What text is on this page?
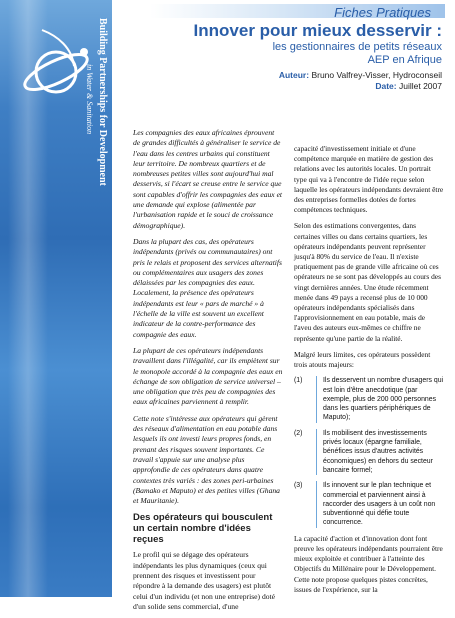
Building Partnerships for Development
in Water & Sanitation
Fiches Pratiques
Innover pour mieux desservir :
les gestionnaires de petits réseaux
AEP en Afrique
Auteur: Bruno Valfrey-Visser, Hydroconseil
Date: Juillet 2007

Les compagnies des eaux africaines éprouvent de grandes difficultés à généraliser le service de l'eau dans les centres urbains qui constituent leur territoire. De nombreux quartiers et de nombreuses petites villes sont aujourd'hui mal desservis, si l'écart se creuse entre le service que sont capables d'offrir les compagnies des eaux et une demande qui explose (alimentée par l'urbanisation rapide et le souci de croissance démographique).

Dans la plupart des cas, des opérateurs indépendants (privés ou communautaires) ont pris le relais et proposent des services alternatifs ou complémentaires aux usagers des zones délaissées par les compagnies des eaux. Localement, la présence des opérateurs indépendants est leur « pars de marché » à l'échelle de la ville est souvent un excellent indicateur de la contre-performance des compagnie des eaux.

La plupart de ces opérateurs indépendants travaillent dans l'illégalité, car ils empiètent sur le monopole accordé à la compagnie des eaux en échange de son obligation de service universel – une obligation que très peu de compagnies des eaux africaines parviennent à remplir.

Cette note s'intéresse aux opérateurs qui gèrent des réseaux d'alimentation en eau potable dans lesquels ils ont investi leurs propres fonds, en prenant des risques souvent importants. Ce travail s'appuie sur une analyse plus approfondie de ces opérateurs dans quatre contextes très variés : des zones peri-urbaines (Bamako et Maputo) et des petites villes (Ghana et Mauritanie).

Des opérateurs qui bousculent un certain nombre d'idées reçues

Le profil qui se dégage des opérateurs indépendants les plus dynamiques (ceux qui prennent des risques et investissent pour répondre à la demande des usagers) est plutôt celui d'un individu (et non une entreprise) doté d'un solide sens commercial, d'une

capacité d'investissement initiale et d'une compétence marquée en matière de gestion des relations avec les autorités locales. Un portrait type qui va à l'encontre de l'idée reçue selon laquelle les opérateurs indépendants devraient être des entreprises formelles dotées de fortes compétences techniques.

Selon des estimations convergentes, dans certaines villes ou dans certains quartiers, les opérateurs indépendants peuvent représenter jusqu'à 80% du service de l'eau. Il n'existe pratiquement pas de grande ville africaine où ces opérateurs ne se sont pas développés au cours des vingt dernières années. Une étude récemment menée dans 49 pays a recensé plus de 10 000 opérateurs indépendants spécialisés dans l'approvisionnement en eau potable, mais de l'aveu des auteurs eux-mêmes ce chiffre ne représente qu'une partie de la réalité.

Malgré leurs limites, ces opérateurs possèdent trois atouts majeurs:

(1)	Ils desservent un nombre d'usagers qui est loin d'être anecdotique (par exemple, plus de 200 000 personnes dans les quartiers périphériques de Maputo);
(2)	Ils mobilisent des investissements privés locaux (épargne familiale, bénéfices issus d'autres activités économiques) en dehors du secteur bancaire formel;
(3)	Ils innovent sur le plan technique et commercial et parviennent ainsi à raccorder des usagers à un coût non subventionné qui défie toute concurrence.

La capacité d'action et d'innovation dont font preuve les opérateurs indépendants pourraient être mieux exploitée et contribuer à l'atteinte des Objectifs du Millénaire pour le Développement. Cette note propose quelques pistes concrètes, issues de l'expérience, sur la
